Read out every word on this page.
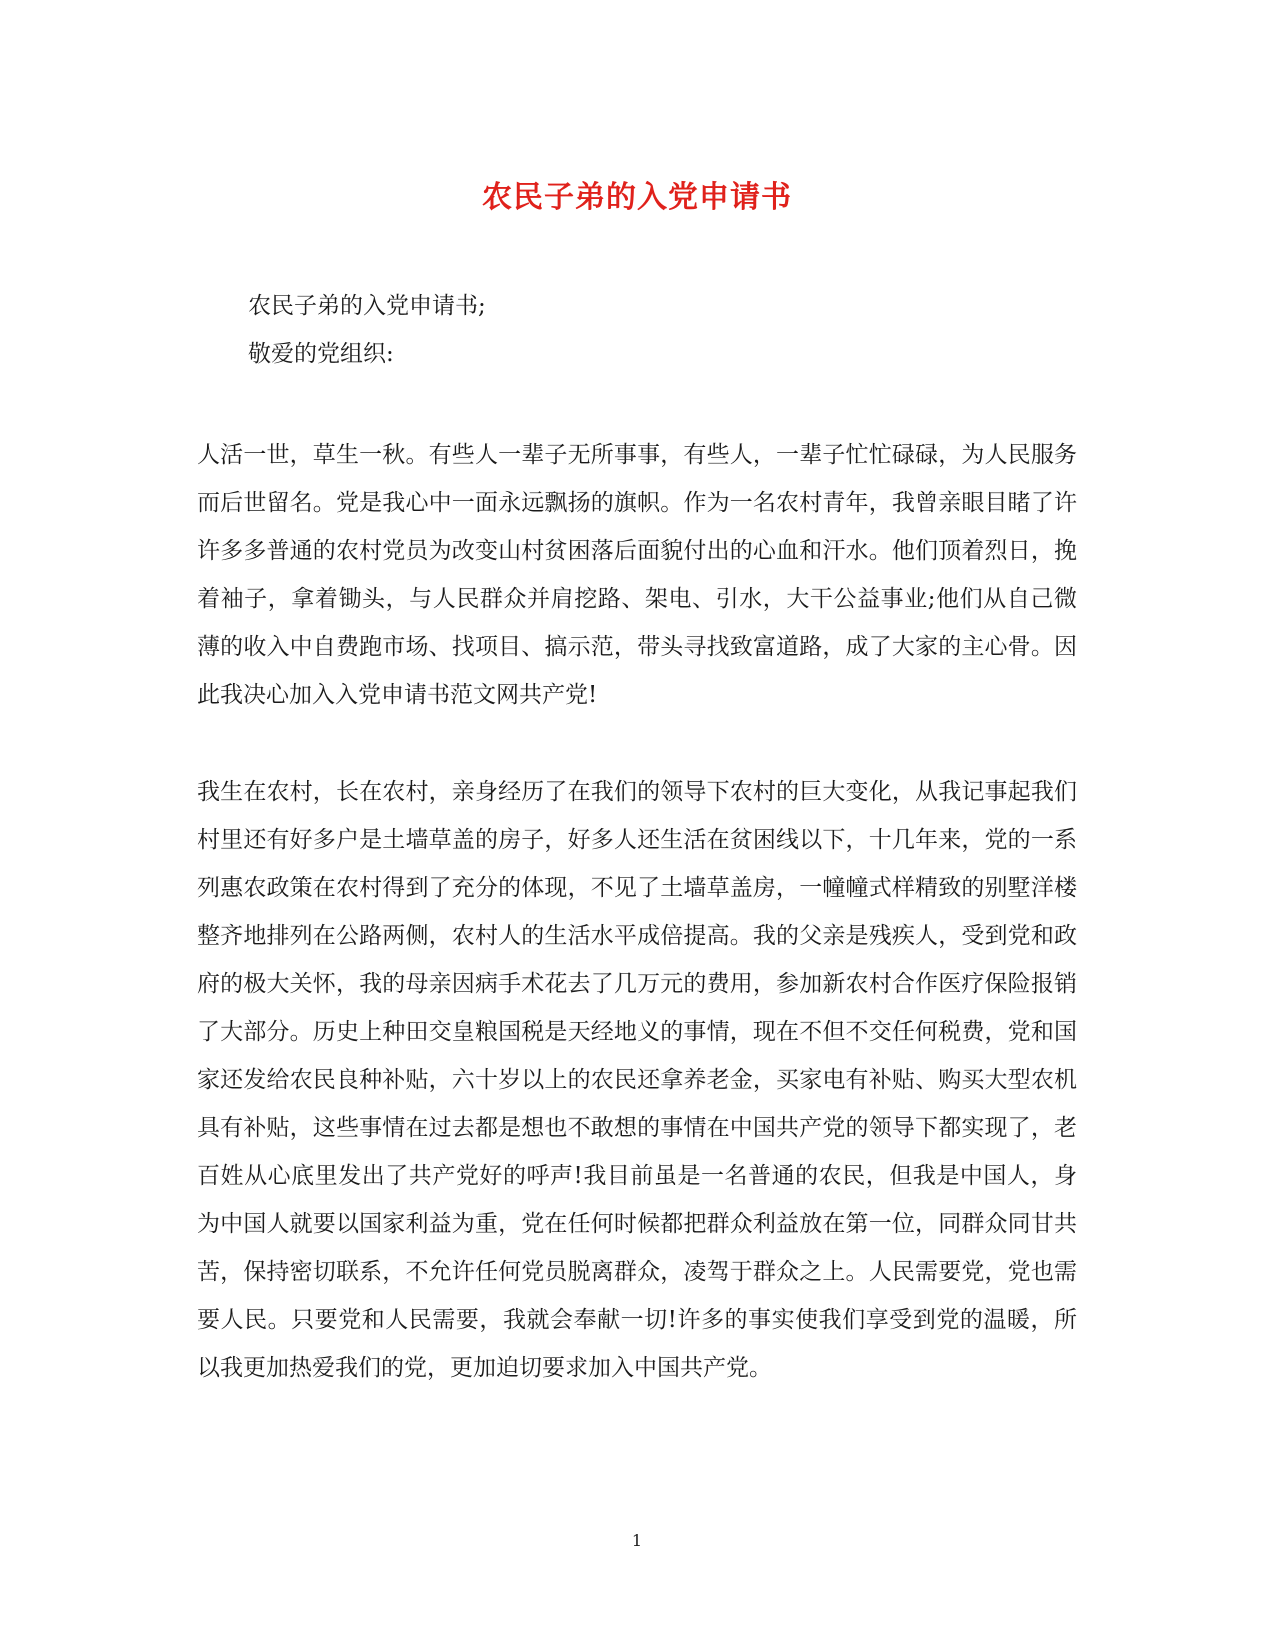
农民子弟的入党申请书
农民子弟的入党申请书;
敬爱的党组织:
人活一世，草生一秋。有些人一辈子无所事事，有些人，一辈子忙忙碌碌，为人民服务而后世留名。党是我心中一面永远飘扬的旗帜。作为一名农村青年，我曾亲眼目睹了许许多多普通的农村党员为改变山村贫困落后面貌付出的心血和汗水。他们顶着烈日，挽着袖子，拿着锄头，与人民群众并肩挖路、架电、引水，大干公益事业;他们从自己微薄的收入中自费跑市场、找项目、搞示范，带头寻找致富道路，成了大家的主心骨。因此我决心加入入党申请书范文网共产党!
我生在农村，长在农村，亲身经历了在我们的领导下农村的巨大变化，从我记事起我们村里还有好多户是土墙草盖的房子，好多人还生活在贫困线以下，十几年来，党的一系列惠农政策在农村得到了充分的体现，不见了土墙草盖房，一幢幢式样精致的别墅洋楼整齐地排列在公路两侧，农村人的生活水平成倍提高。我的父亲是残疾人，受到党和政府的极大关怀，我的母亲因病手术花去了几万元的费用，参加新农村合作医疗保险报销了大部分。历史上种田交皇粮国税是天经地义的事情，现在不但不交任何税费，党和国家还发给农民良种补贴，六十岁以上的农民还拿养老金，买家电有补贴、购买大型农机具有补贴，这些事情在过去都是想也不敢想的事情在中国共产党的领导下都实现了，老百姓从心底里发出了共产党好的呼声!我目前虽是一名普通的农民，但我是中国人，身为中国人就要以国家利益为重，党在任何时候都把群众利益放在第一位，同群众同甘共苦，保持密切联系，不允许任何党员脱离群众，凌驾于群众之上。人民需要党，党也需要人民。只要党和人民需要，我就会奉献一切!许多的事实使我们享受到党的温暖，所以我更加热爱我们的党，更加迫切要求加入中国共产党。
1
